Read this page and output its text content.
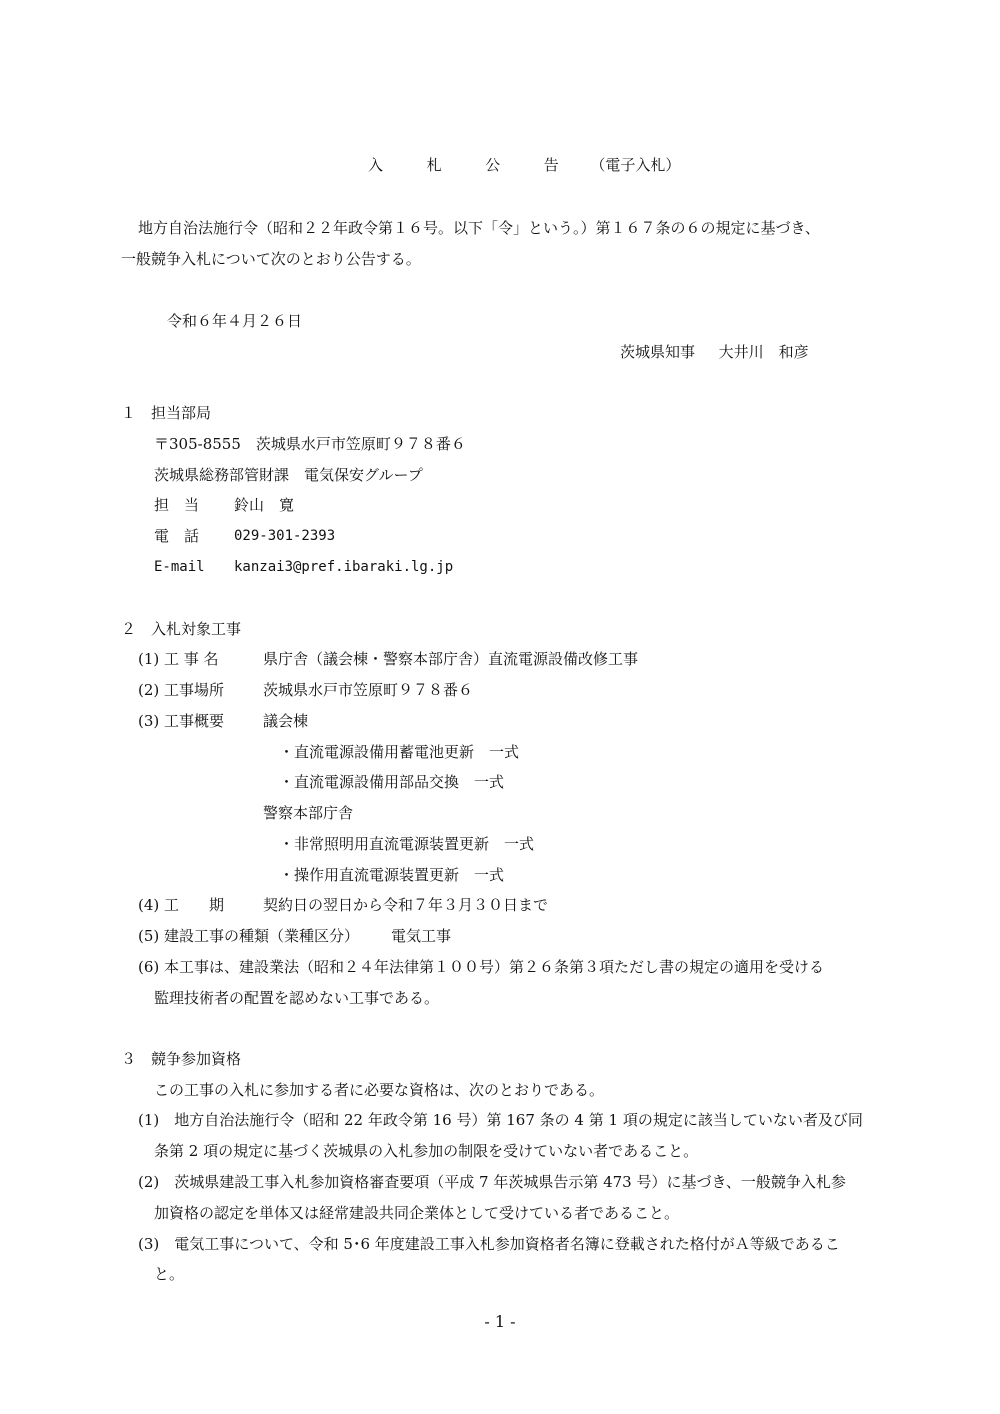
入	札	公	告 （電子入札）
地方自治法施行令（昭和２２年政令第１６号。以下「令」という。）第１６７条の６の規定に基づき、
一般競争入札について次のとおり公告する。
令和６年４月２６日
茨城県知事 大井川　和彦
１　担当部局
〒305-8555　茨城県水戸市笠原町９７８番６
茨城県総務部管財課　電気保安グループ
担　当 鈴山　寛
電　話 029-301-2393
E-mail kanzai3@pref.ibaraki.lg.jp
２　入札対象工事
(1) 工 事 名	県庁舎（議会棟・警察本部庁舎）直流電源設備改修工事
(2) 工事場所	茨城県水戸市笠原町９７８番６
(3) 工事概要	議会棟
・直流電源設備用蓄電池更新　一式
・直流電源設備用部品交換　一式
警察本部庁舎
・非常照明用直流電源装置更新　一式
・操作用直流電源装置更新　一式
(4) 工　　期	契約日の翌日から令和７年３月３０日まで
(5) 建設工事の種類（業種区分） 電気工事
(6) 本工事は、建設業法（昭和２４年法律第１００号）第２６条第３項ただし書の規定の適用を受ける
監理技術者の配置を認めない工事である。
３　競争参加資格
この工事の入札に参加する者に必要な資格は、次のとおりである。
(1)　地方自治法施行令（昭和 22 年政令第 16 号）第 167 条の 4 第 1 項の規定に該当していない者及び同
条第 2 項の規定に基づく茨城県の入札参加の制限を受けていない者であること。
(2)　茨城県建設工事入札参加資格審査要項（平成 7 年茨城県告示第 473 号）に基づき、一般競争入札参
加資格の認定を単体又は経常建設共同企業体として受けている者であること。
(3)　電気工事について、令和 5･6 年度建設工事入札参加資格者名簿に登載された格付がＡ等級であるこ
と。
- 1 -
